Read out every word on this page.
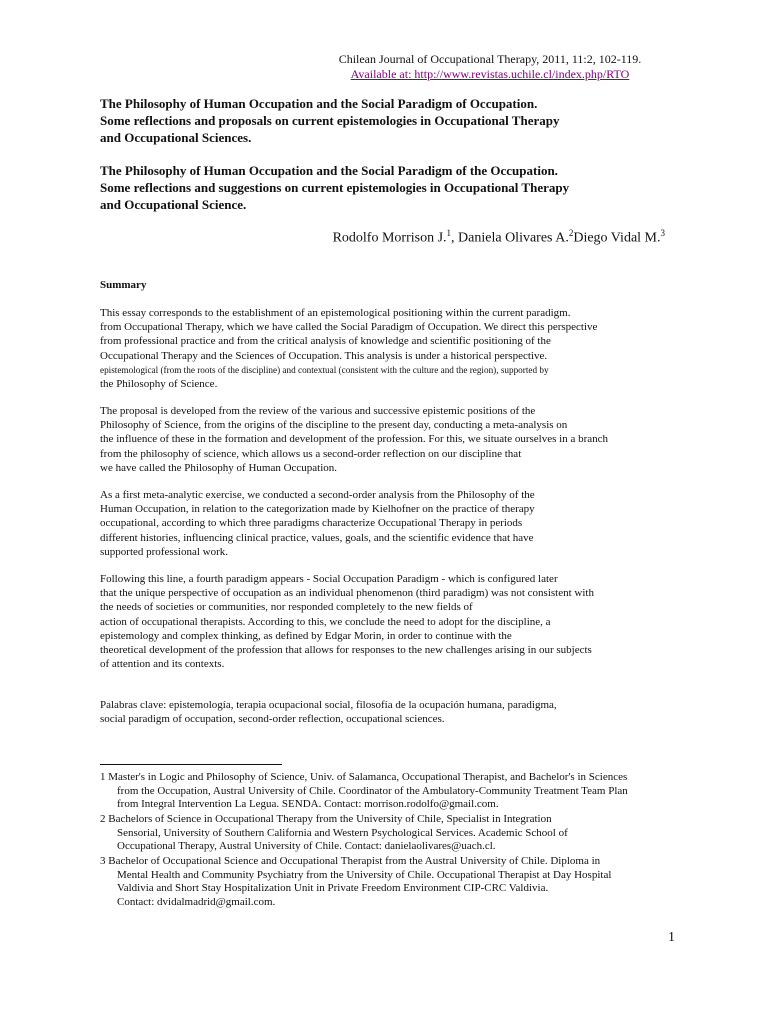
Chilean Journal of Occupational Therapy, 2011, 11:2, 102-119.
Available at: http://www.revistas.uchile.cl/index.php/RTO
The Philosophy of Human Occupation and the Social Paradigm of Occupation.
Some reflections and proposals on current epistemologies in Occupational Therapy
and Occupational Sciences.
The Philosophy of Human Occupation and the Social Paradigm of the Occupation.
Some reflections and suggestions on current epistemologies in Occupational Therapy
and Occupational Science.
Rodolfo Morrison J.$^1$, Daniela Olivares A.$^2$Diego Vidal M.$^3$
Summary
This essay corresponds to the establishment of an epistemological positioning within the current paradigm.
from Occupational Therapy, which we have called the Social Paradigm of Occupation. We direct this perspective
from professional practice and from the critical analysis of knowledge and scientific positioning of the
Occupational Therapy and the Sciences of Occupation. This analysis is under a historical perspective.
epistemological (from the roots of the discipline) and contextual (consistent with the culture and the region), supported by
the Philosophy of Science.
The proposal is developed from the review of the various and successive epistemic positions of the
Philosophy of Science, from the origins of the discipline to the present day, conducting a meta-analysis on
the influence of these in the formation and development of the profession. For this, we situate ourselves in a branch
from the philosophy of science, which allows us a second-order reflection on our discipline that
we have called the Philosophy of Human Occupation.
As a first meta-analytic exercise, we conducted a second-order analysis from the Philosophy of the
Human Occupation, in relation to the categorization made by Kielhofner on the practice of therapy
occupational, according to which three paradigms characterize Occupational Therapy in periods
different histories, influencing clinical practice, values, goals, and the scientific evidence that have
supported professional work.
Following this line, a fourth paradigm appears - Social Occupation Paradigm - which is configured later
that the unique perspective of occupation as an individual phenomenon (third paradigm) was not consistent with
the needs of societies or communities, nor responded completely to the new fields of
action of occupational therapists. According to this, we conclude the need to adopt for the discipline, a
epistemology and complex thinking, as defined by Edgar Morin, in order to continue with the
theoretical development of the profession that allows for responses to the new challenges arising in our subjects
of attention and its contexts.
Palabras clave: epistemología, terapia ocupacional social, filosofía de la ocupación humana, paradigma,
social paradigm of occupation, second-order reflection, occupational sciences.
1 Master's in Logic and Philosophy of Science, Univ. of Salamanca, Occupational Therapist, and Bachelor's in Sciences
from the Occupation, Austral University of Chile. Coordinator of the Ambulatory-Community Treatment Team Plan
from Integral Intervention La Legua. SENDA. Contact: morrison.rodolfo@gmail.com.
2 Bachelors of Science in Occupational Therapy from the University of Chile, Specialist in Integration
Sensorial, University of Southern California and Western Psychological Services. Academic School of
Occupational Therapy, Austral University of Chile. Contact: danielaolivares@uach.cl.
3 Bachelor of Occupational Science and Occupational Therapist from the Austral University of Chile. Diploma in
Mental Health and Community Psychiatry from the University of Chile. Occupational Therapist at Day Hospital
Valdivia and Short Stay Hospitalization Unit in Private Freedom Environment CIP-CRC Valdivia.
Contact: dvidalmadrid@gmail.com.
1
